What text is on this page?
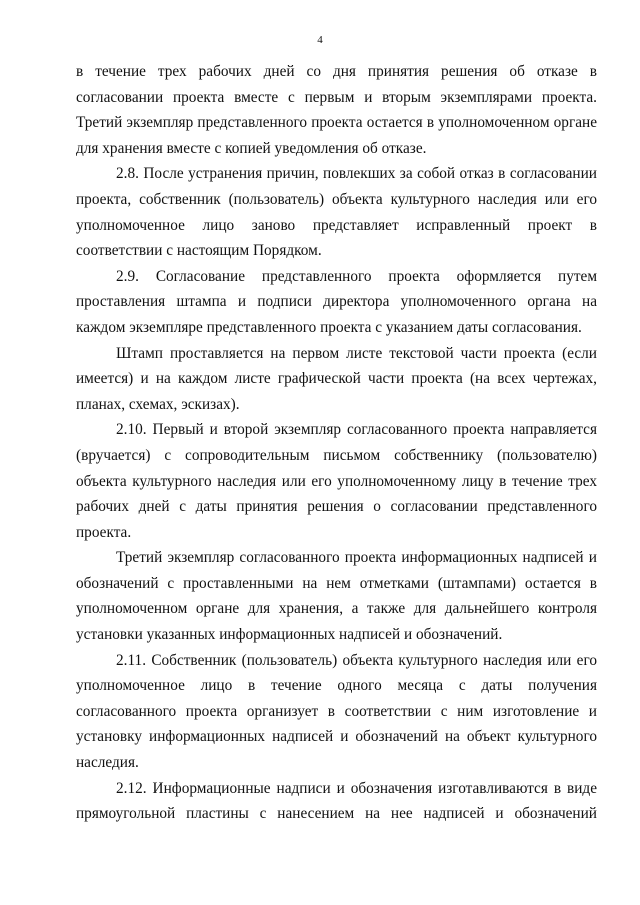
4

в течение трех рабочих дней со дня принятия решения об отказе в согласовании проекта вместе с первым и вторым экземплярами проекта. Третий экземпляр представленного проекта остается в уполномоченном органе для хранения вместе с копией уведомления об отказе.

2.8. После устранения причин, повлекших за собой отказ в согласовании проекта, собственник (пользователь) объекта культурного наследия или его уполномоченное лицо заново представляет исправленный проект в соответствии с настоящим Порядком.

2.9. Согласование представленного проекта оформляется путем проставления штампа и подписи директора уполномоченного органа на каждом экземпляре представленного проекта с указанием даты согласования.

Штамп проставляется на первом листе текстовой части проекта (если имеется) и на каждом листе графической части проекта (на всех чертежах, планах, схемах, эскизах).

2.10. Первый и второй экземпляр согласованного проекта направляется (вручается) с сопроводительным письмом собственнику (пользователю) объекта культурного наследия или его уполномоченному лицу в течение трех рабочих дней с даты принятия решения о согласовании представленного проекта.

Третий экземпляр согласованного проекта информационных надписей и обозначений с проставленными на нем отметками (штампами) остается в уполномоченном органе для хранения, а также для дальнейшего контроля установки указанных информационных надписей и обозначений.

2.11. Собственник (пользователь) объекта культурного наследия или его уполномоченное лицо в течение одного месяца с даты получения согласованного проекта организует в соответствии с ним изготовление и установку информационных надписей и обозначений на объект культурного наследия.

2.12. Информационные надписи и обозначения изготавливаются в виде прямоугольной пластины с нанесением на нее надписей и обозначений
